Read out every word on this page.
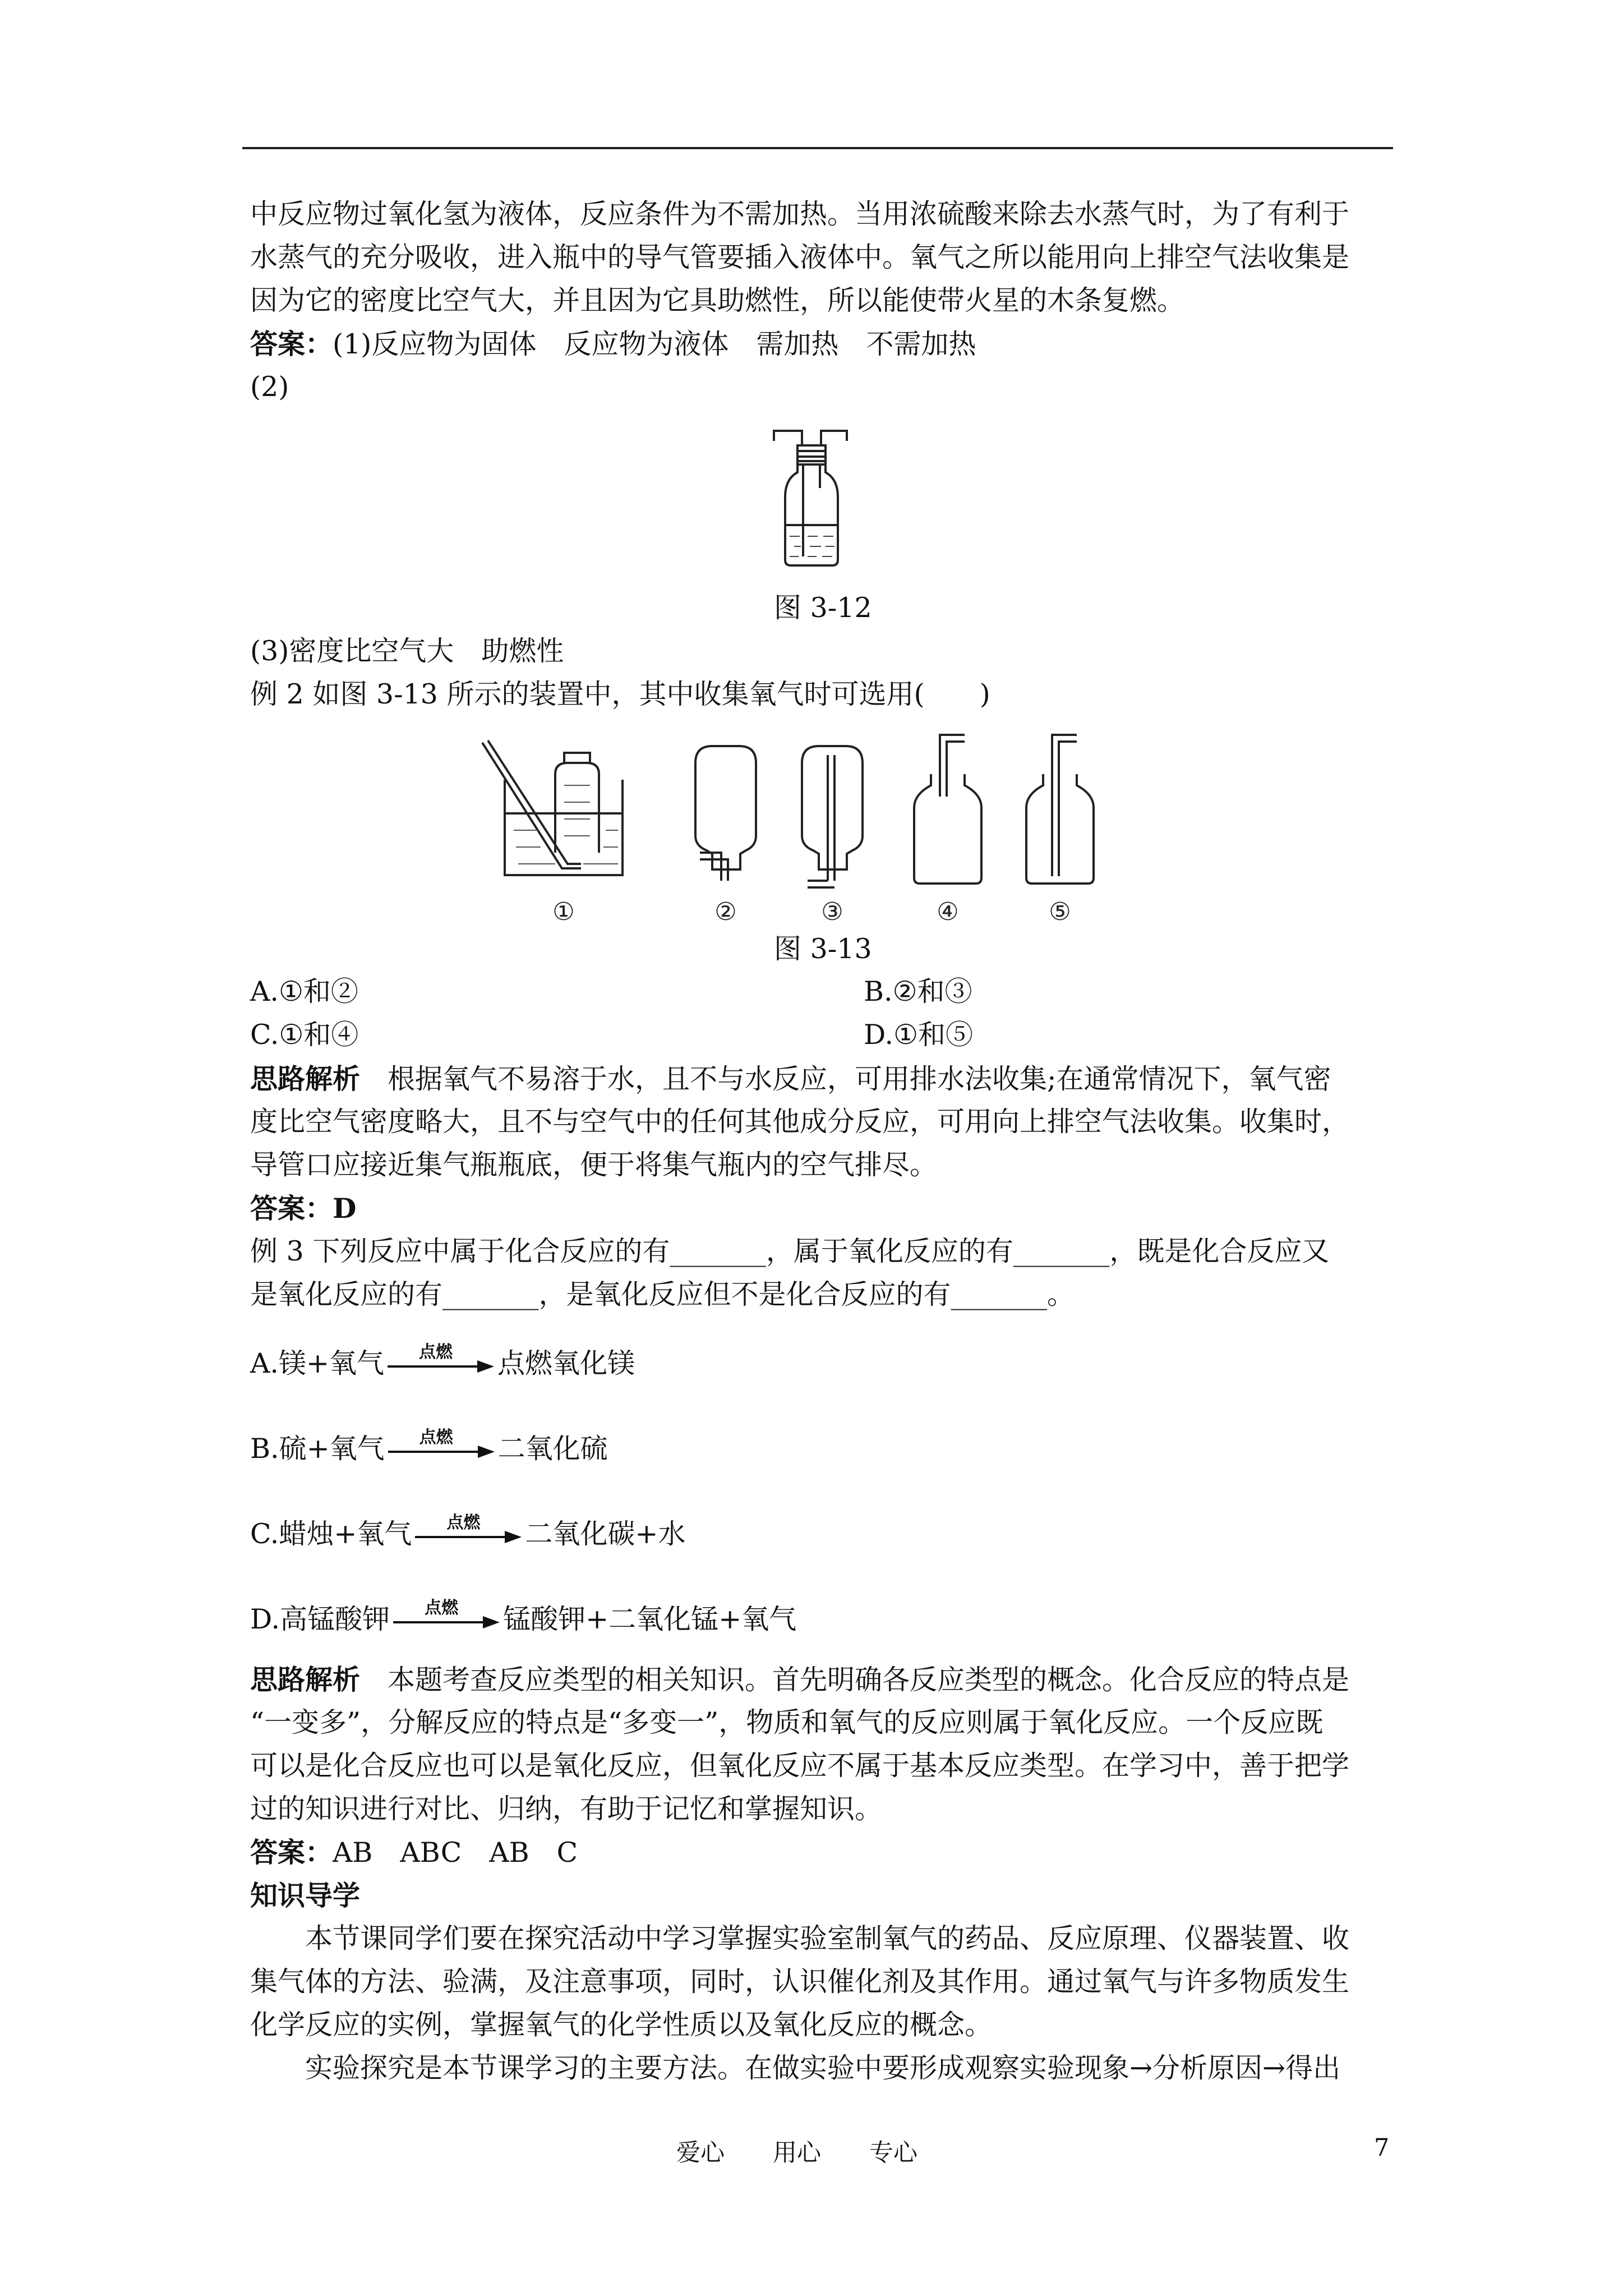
中反应物过氧化氢为液体，反应条件为不需加热。当用浓硫酸来除去水蒸气时，为了有利于
水蒸气的充分吸收，进入瓶中的导气管要插入液体中。氧气之所以能用向上排空气法收集是
因为它的密度比空气大，并且因为它具助燃性，所以能使带火星的木条复燃。
答案：(1)反应物为固体　反应物为液体　需加热　不需加热
(2)
图 3-12
(3)密度比空气大　助燃性
例 2 如图 3-13 所示的装置中，其中收集氧气时可选用(　　)
①	②	③	④	⑤
图 3-13
A.①和②	B.②和③
C.①和④	D.①和⑤
思路解析　根据氧气不易溶于水，且不与水反应，可用排水法收集;在通常情况下，氧气密
度比空气密度略大，且不与空气中的任何其他成分反应，可用向上排空气法收集。收集时，
导管口应接近集气瓶瓶底，便于将集气瓶内的空气排尽。
答案：D
例 3 下列反应中属于化合反应的有_______，属于氧化反应的有_______，既是化合反应又
是氧化反应的有_______，是氧化反应但不是化合反应的有_______。
A.镁+氧气	点燃	点燃氧化镁
B.硫+氧气	点燃	二氧化硫
C.蜡烛+氧气	点燃	二氧化碳+水
D.高锰酸钾	点燃	锰酸钾+二氧化锰+氧气
思路解析　本题考查反应类型的相关知识。首先明确各反应类型的概念。化合反应的特点是
“一变多”，分解反应的特点是“多变一”，物质和氧气的反应则属于氧化反应。一个反应既
可以是化合反应也可以是氧化反应，但氧化反应不属于基本反应类型。在学习中，善于把学
过的知识进行对比、归纳，有助于记忆和掌握知识。
答案：AB　ABC　AB　C
知识导学
　　本节课同学们要在探究活动中学习掌握实验室制氧气的药品、反应原理、仪器装置、收
集气体的方法、验满，及注意事项，同时，认识催化剂及其作用。通过氧气与许多物质发生
化学反应的实例，掌握氧气的化学性质以及氧化反应的概念。
　　实验探究是本节课学习的主要方法。在做实验中要形成观察实验现象→分析原因→得出
爱心　　用心　　专心	7
